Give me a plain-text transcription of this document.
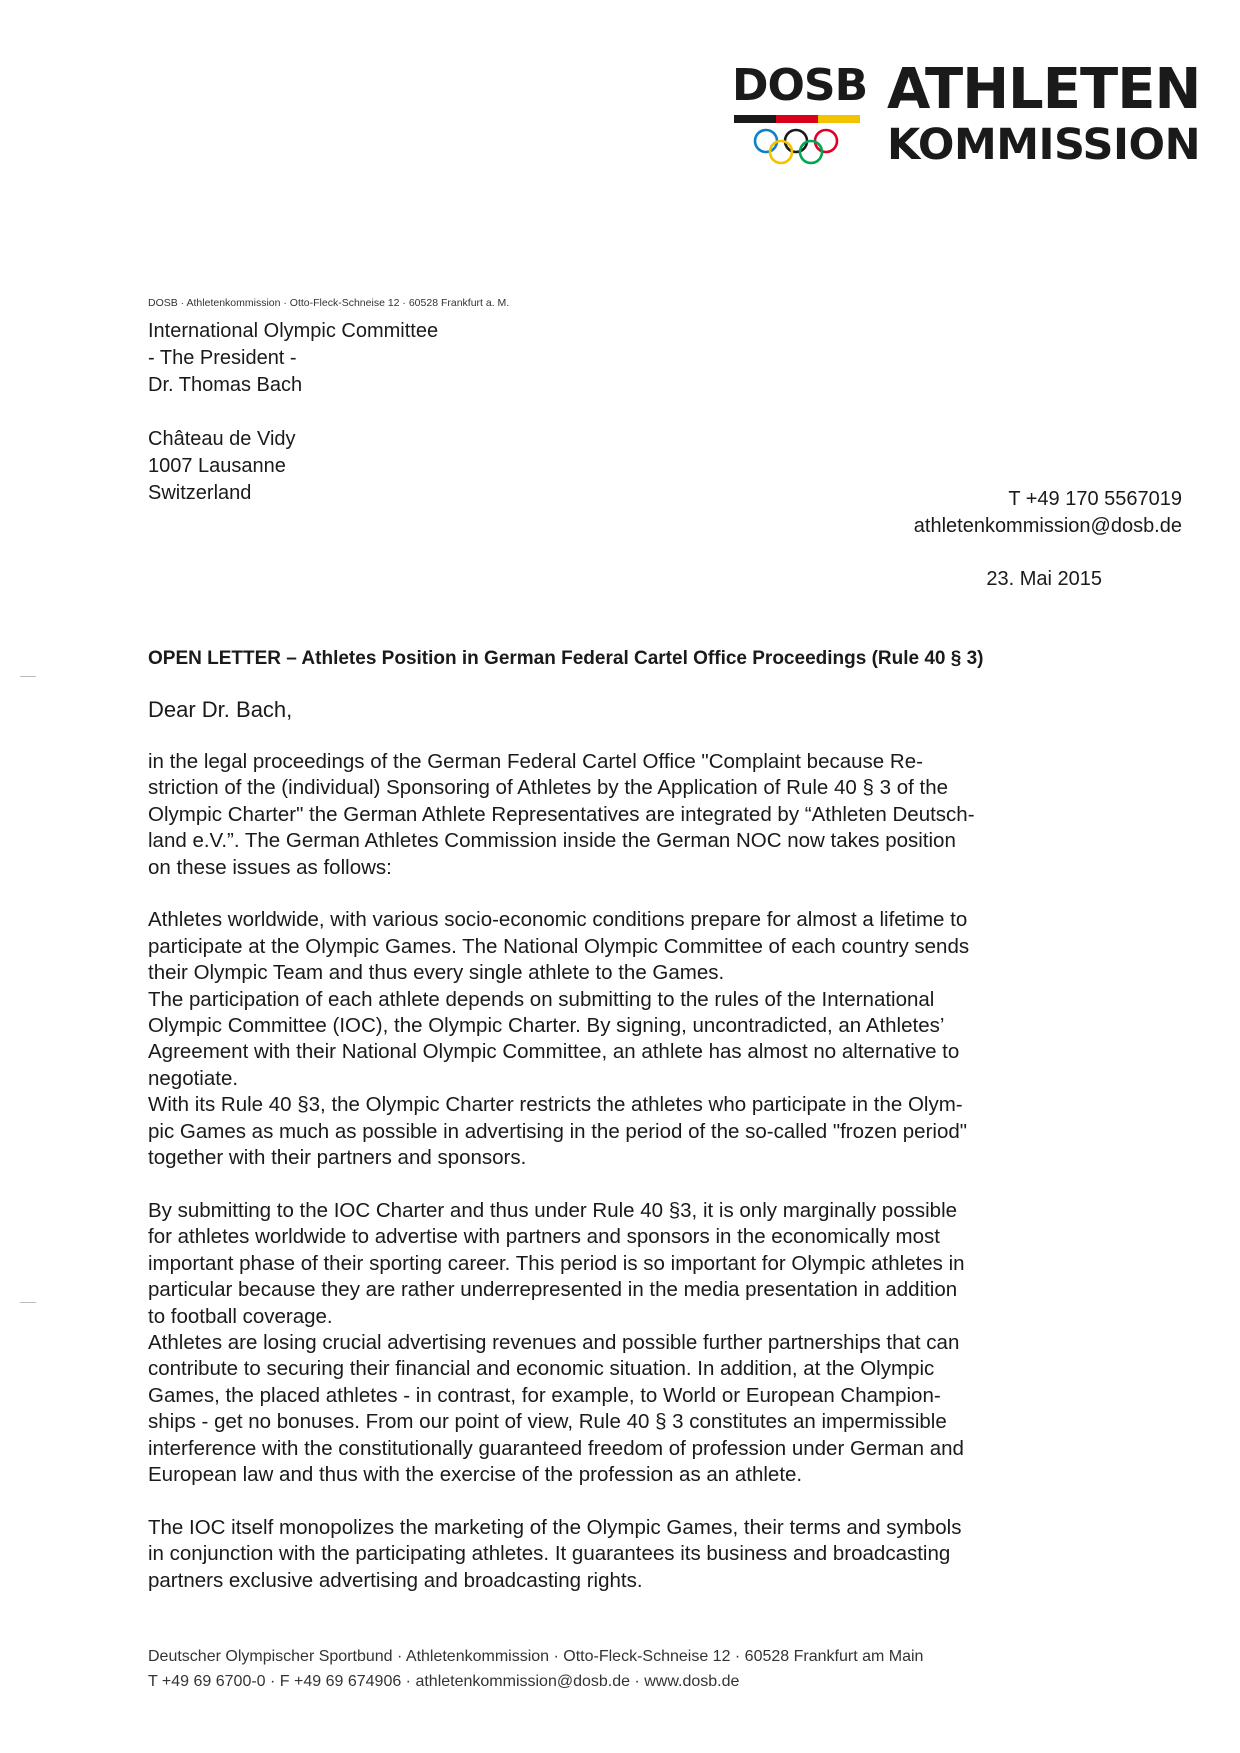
DOSB ATHLETEN
KOMMISSION
DOSB · Athletenkommission · Otto-Fleck-Schneise 12 · 60528 Frankfurt a. M.
International Olympic Committee
- The President -
Dr. Thomas Bach
Château de Vidy
1007 Lausanne
Switzerland	T +49 170 5567019
athletenkommission@dosb.de
23. Mai 2015
OPEN LETTER – Athletes Position in German Federal Cartel Office Proceedings (Rule 40 § 3)
Dear Dr. Bach,

in the legal proceedings of the German Federal Cartel Office "Complaint because Re-
striction of the (individual) Sponsoring of Athletes by the Application of Rule 40 § 3 of the
Olympic Charter" the German Athlete Representatives are integrated by “Athleten Deutsch-
land e.V.”. The German Athletes Commission inside the German NOC now takes position
on these issues as follows:

Athletes worldwide, with various socio-economic conditions prepare for almost a lifetime to
participate at the Olympic Games. The National Olympic Committee of each country sends
their Olympic Team and thus every single athlete to the Games.

The participation of each athlete depends on submitting to the rules of the International
Olympic Committee (IOC), the Olympic Charter. By signing, uncontradicted, an Athletes’
Agreement with their National Olympic Committee, an athlete has almost no alternative to
negotiate.

With its Rule 40 §3, the Olympic Charter restricts the athletes who participate in the Olym-
pic Games as much as possible in advertising in the period of the so-called "frozen period"
together with their partners and sponsors.

By submitting to the IOC Charter and thus under Rule 40 §3, it is only marginally possible
for athletes worldwide to advertise with partners and sponsors in the economically most
important phase of their sporting career. This period is so important for Olympic athletes in
particular because they are rather underrepresented in the media presentation in addition
to football coverage.

Athletes are losing crucial advertising revenues and possible further partnerships that can
contribute to securing their financial and economic situation. In addition, at the Olympic
Games, the placed athletes - in contrast, for example, to World or European Champion-
ships - get no bonuses. From our point of view, Rule 40 § 3 constitutes an impermissible
interference with the constitutionally guaranteed freedom of profession under German and
European law and thus with the exercise of the profession as an athlete.

The IOC itself monopolizes the marketing of the Olympic Games, their terms and symbols
in conjunction with the participating athletes. It guarantees its business and broadcasting
partners exclusive advertising and broadcasting rights.

Deutscher Olympischer Sportbund · Athletenkommission · Otto-Fleck-Schneise 12 · 60528 Frankfurt am Main
T +49 69 6700-0 · F +49 69 674906 · athletenkommission@dosb.de · www.dosb.de
